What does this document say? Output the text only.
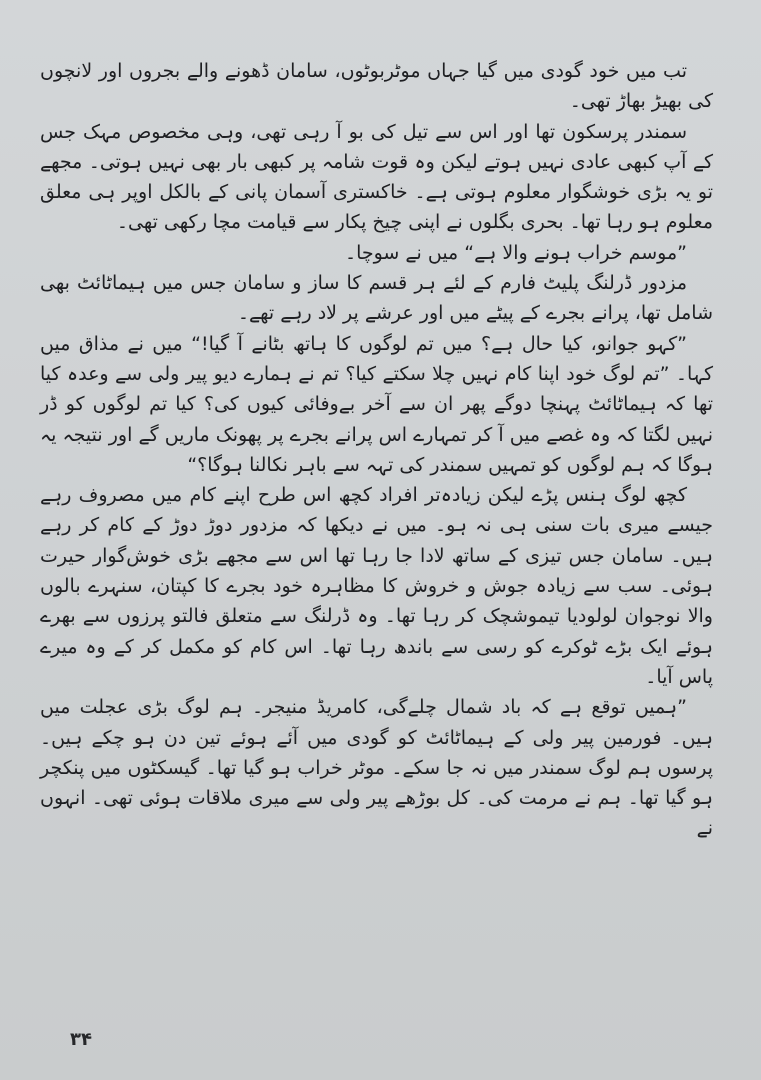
تب میں خود گودی میں گیا جہاں موٹربوٹوں، سامان ڈھونے والے بجروں اور لانچوں کی بھیڑ بھاڑ تھی۔

سمندر پرسکون تھا اور اس سے تیل کی بو آ رہی تھی، وہی مخصوص مہک جس کے آپ کبھی عادی نہیں ہوتے لیکن وہ قوت شامہ پر کبھی بار بھی نہیں ہوتی۔ مجھے تو یہ بڑی خوشگوار معلوم ہوتی ہے۔ خاکستری آسمان پانی کے بالکل اوپر ہی معلق معلوم ہو رہا تھا۔ بحری بگلوں نے اپنی چیخ پکار سے قیامت مچا رکھی تھی۔

”موسم خراب ہونے والا ہے“ میں نے سوچا۔

مزدور ڈرلنگ پلیٹ فارم کے لئے ہر قسم کا ساز و سامان جس میں ہیماٹائٹ بھی شامل تھا، پرانے بجرے کے پیٹے میں اور عرشے پر لاد رہے تھے۔

”کہو جوانو، کیا حال ہے؟ میں تم لوگوں کا ہاتھ بٹانے آ گیا!“ میں نے مذاق میں کہا۔ ”تم لوگ خود اپنا کام نہیں چلا سکتے کیا؟ تم نے ہمارے دیو پیر ولی سے وعدہ کیا تھا کہ ہیماٹائٹ پہنچا دوگے پھر ان سے آخر بےوفائی کیوں کی؟ کیا تم لوگوں کو ڈر نہیں لگتا کہ وہ غصے میں آ کر تمہارے اس پرانے بجرے پر پھونک ماریں گے اور نتیجہ یہ ہوگا کہ ہم لوگوں کو تمہیں سمندر کی تہہ سے باہر نکالنا ہوگا؟“

کچھ لوگ ہنس پڑے لیکن زیادہ‌تر افراد کچھ اس طرح اپنے کام میں مصروف رہے جیسے میری بات سنی ہی نہ ہو۔ میں نے دیکھا کہ مزدور دوڑ دوڑ کے کام کر رہے ہیں۔ سامان جس تیزی کے ساتھ لادا جا رہا تھا اس سے مجھے بڑی خوش‌گوار حیرت ہوئی۔ سب سے زیادہ جوش و خروش کا مظاہرہ خود بجرے کا کپتان، سنہرے بالوں والا نوجوان لولودیا تیموشچک کر رہا تھا۔ وہ ڈرلنگ سے متعلق فالتو پرزوں سے بھرے ہوئے ایک بڑے ٹوکرے کو رسی سے باندھ رہا تھا۔ اس کام کو مکمل کر کے وہ میرے پاس آیا۔

”ہمیں توقع ہے کہ باد شمال چلےگی، کامریڈ منیجر۔ ہم لوگ بڑی عجلت میں ہیں۔ فورمین پیر ولی کے ہیماٹائٹ کو گودی میں آئے ہوئے تین دن ہو چکے ہیں۔ پرسوں ہم لوگ سمندر میں نہ جا سکے۔ موٹر خراب ہو گیا تھا۔ گیسکٹوں میں پنکچر ہو گیا تھا۔ ہم نے مرمت کی۔ کل بوڑھے پیر ولی سے میری ملاقات ہوئی تھی۔ انہوں نے

۳۴
